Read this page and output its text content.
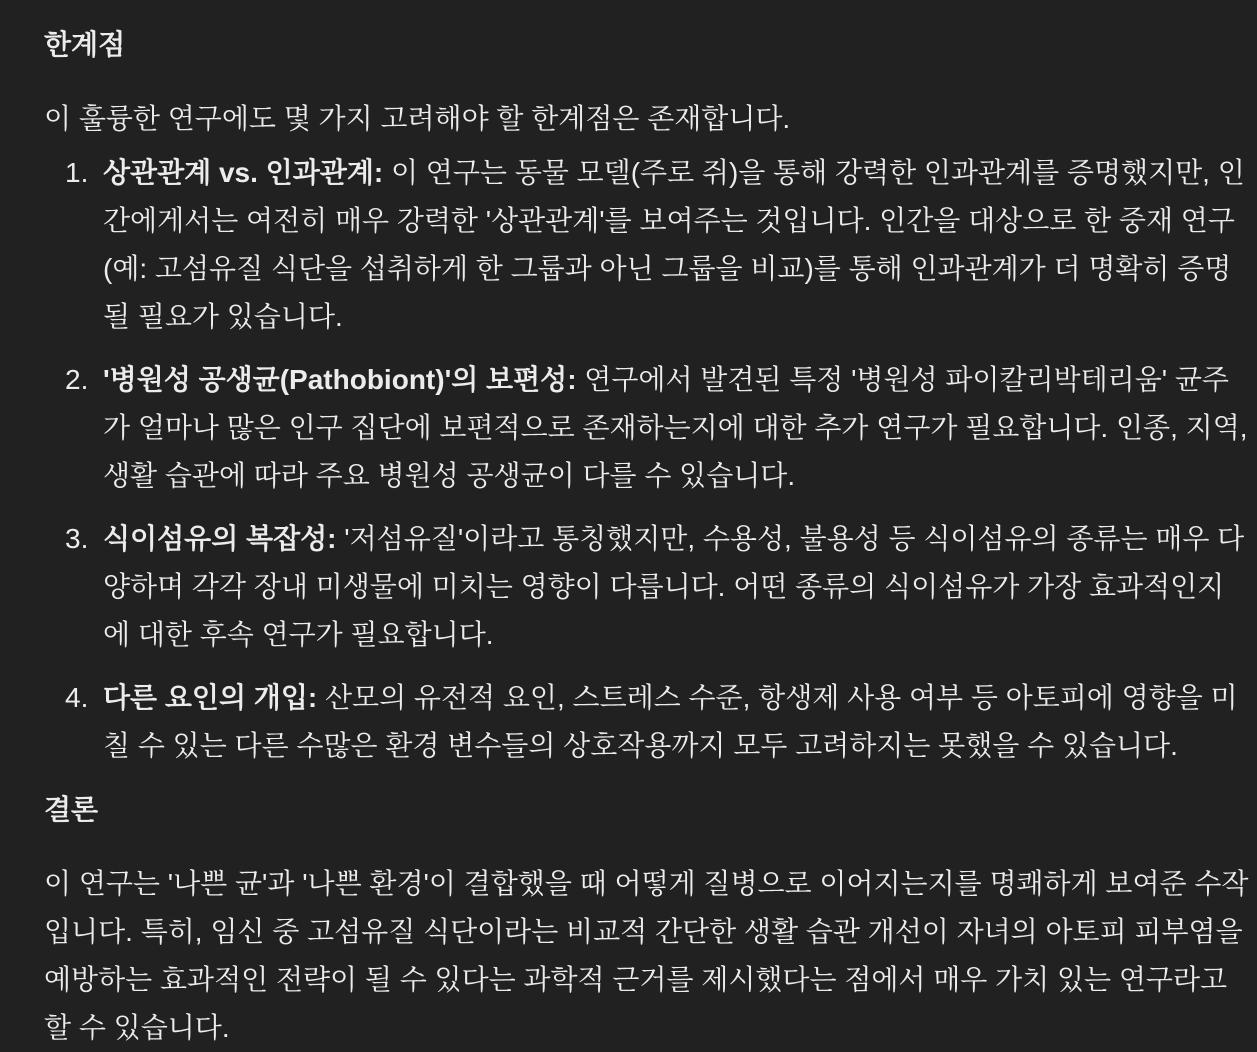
한계점

이 훌륭한 연구에도 몇 가지 고려해야 할 한계점은 존재합니다.

1. 상관관계 vs. 인과관계: 이 연구는 동물 모델(주로 쥐)을 통해 강력한 인과관계를 증명했지만, 인간에게서는 여전히 매우 강력한 '상관관계'를 보여주는 것입니다. 인간을 대상으로 한 중재 연구(예: 고섬유질 식단을 섭취하게 한 그룹과 아닌 그룹을 비교)를 통해 인과관계가 더 명확히 증명될 필요가 있습니다.
2. '병원성 공생균(Pathobiont)'의 보편성: 연구에서 발견된 특정 '병원성 파이칼리박테리움' 균주가 얼마나 많은 인구 집단에 보편적으로 존재하는지에 대한 추가 연구가 필요합니다. 인종, 지역, 생활 습관에 따라 주요 병원성 공생균이 다를 수 있습니다.
3. 식이섬유의 복잡성: '저섬유질'이라고 통칭했지만, 수용성, 불용성 등 식이섬유의 종류는 매우 다양하며 각각 장내 미생물에 미치는 영향이 다릅니다. 어떤 종류의 식이섬유가 가장 효과적인지에 대한 후속 연구가 필요합니다.
4. 다른 요인의 개입: 산모의 유전적 요인, 스트레스 수준, 항생제 사용 여부 등 아토피에 영향을 미칠 수 있는 다른 수많은 환경 변수들의 상호작용까지 모두 고려하지는 못했을 수 있습니다.
결론

이 연구는 '나쁜 균'과 '나쁜 환경'이 결합했을 때 어떻게 질병으로 이어지는지를 명쾌하게 보여준 수작입니다. 특히, 임신 중 고섬유질 식단이라는 비교적 간단한 생활 습관 개선이 자녀의 아토피 피부염을 예방하는 효과적인 전략이 될 수 있다는 과학적 근거를 제시했다는 점에서 매우 가치 있는 연구라고 할 수 있습니다.
